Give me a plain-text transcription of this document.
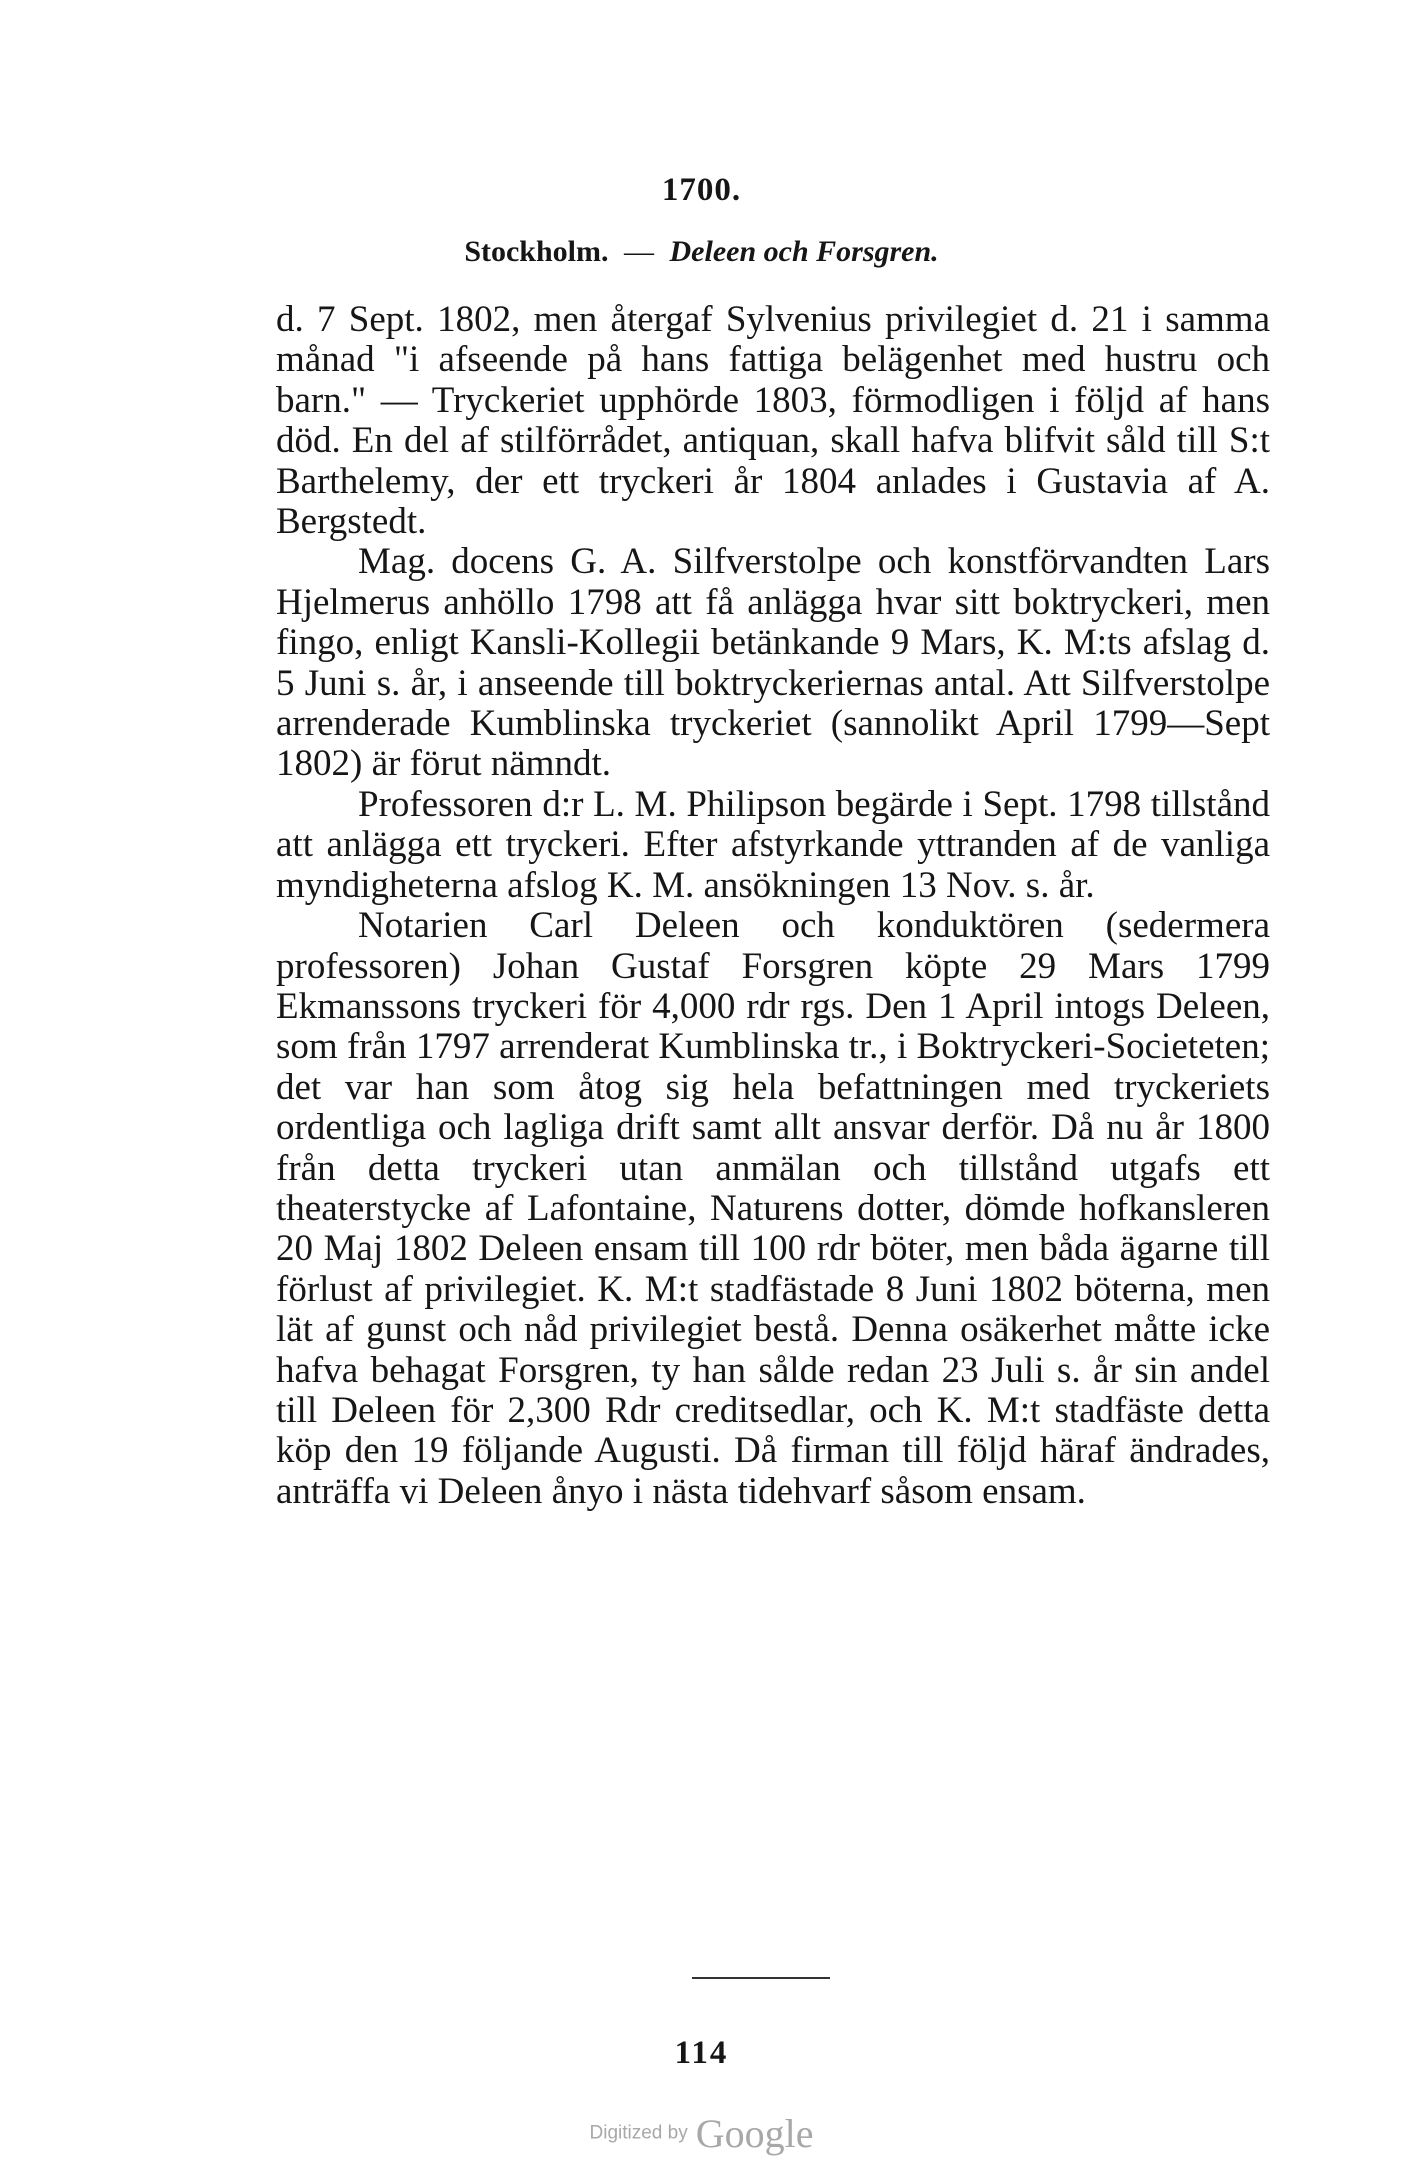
1700.
Stockholm. — Deleen och Forsgren.

d. 7 Sept. 1802, men återgaf Sylvenius privilegiet d. 21 i samma månad "i afseende på hans fattiga belägenhet med hustru och barn." — Tryckeriet upphörde 1803, förmodligen i följd af hans död. En del af stilförrådet, antiquan, skall hafva blifvit såld till S:t Barthelemy, der ett tryckeri år 1804 anlades i Gustavia af A. Bergstedt.

Mag. docens G. A. Silfverstolpe och konstförvandten Lars Hjelmerus anhöllo 1798 att få anlägga hvar sitt boktryckeri, men fingo, enligt Kansli-Kollegii betänkande 9 Mars, K. M:ts afslag d. 5 Juni s. år, i anseende till boktryckeriernas antal. Att Silfverstolpe arrenderade Kumblinska tryckeriet (sannolikt April 1799—Sept 1802) är förut nämndt.

Professoren d:r L. M. Philipson begärde i Sept. 1798 tillstånd att anlägga ett tryckeri. Efter afstyrkande yttranden af de vanliga myndigheterna afslog K. M. ansökningen 13 Nov. s. år.

Notarien Carl Deleen och konduktören (sedermera professoren) Johan Gustaf Forsgren köpte 29 Mars 1799 Ekmanssons tryckeri för 4,000 rdr rgs. Den 1 April intogs Deleen, som från 1797 arrenderat Kumblinska tr., i Boktryckeri-Societeten; det var han som åtog sig hela befattningen med tryckeriets ordentliga och lagliga drift samt allt ansvar derför. Då nu år 1800 från detta tryckeri utan anmälan och tillstånd utgafs ett theaterstycke af Lafontaine, Naturens dotter, dömde hofkansleren 20 Maj 1802 Deleen ensam till 100 rdr böter, men båda ägarne till förlust af privilegiet. K. M:t stadfästade 8 Juni 1802 böterna, men lät af gunst och nåd privilegiet bestå. Denna osäkerhet måtte icke hafva behagat Forsgren, ty han sålde redan 23 Juli s. år sin andel till Deleen för 2,300 Rdr creditsedlar, och K. M:t stadfäste detta köp den 19 följande Augusti. Då firman till följd häraf ändrades, anträffa vi Deleen ånyo i nästa tidehvarf såsom ensam.

114
Digitized by Google
